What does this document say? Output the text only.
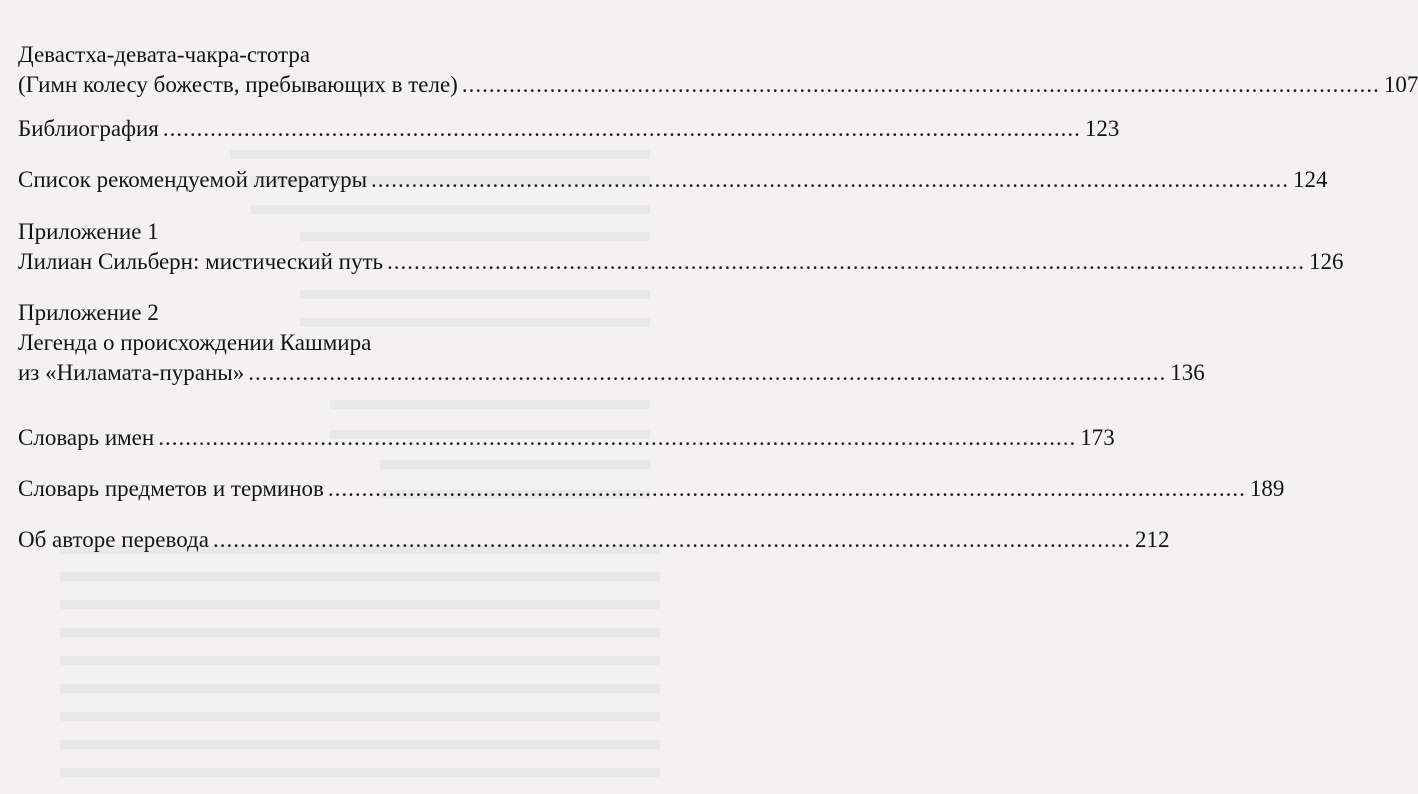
Девастха-девата-чакра-стотра
(Гимн колесу божеств, пребывающих в теле) ........................................................................................................................................ 107
Библиография ........................................................................................................................................ 123
Список рекомендуемой литературы ........................................................................................................................................ 124
Приложение 1
Лилиан Сильберн: мистический путь ........................................................................................................................................ 126
Приложение 2
Легенда о происхождении Кашмира
из «Ниламата-пураны» ........................................................................................................................................ 136
Словарь имен ........................................................................................................................................ 173
Словарь предметов и терминов ........................................................................................................................................ 189
Об авторе перевода ........................................................................................................................................ 212
